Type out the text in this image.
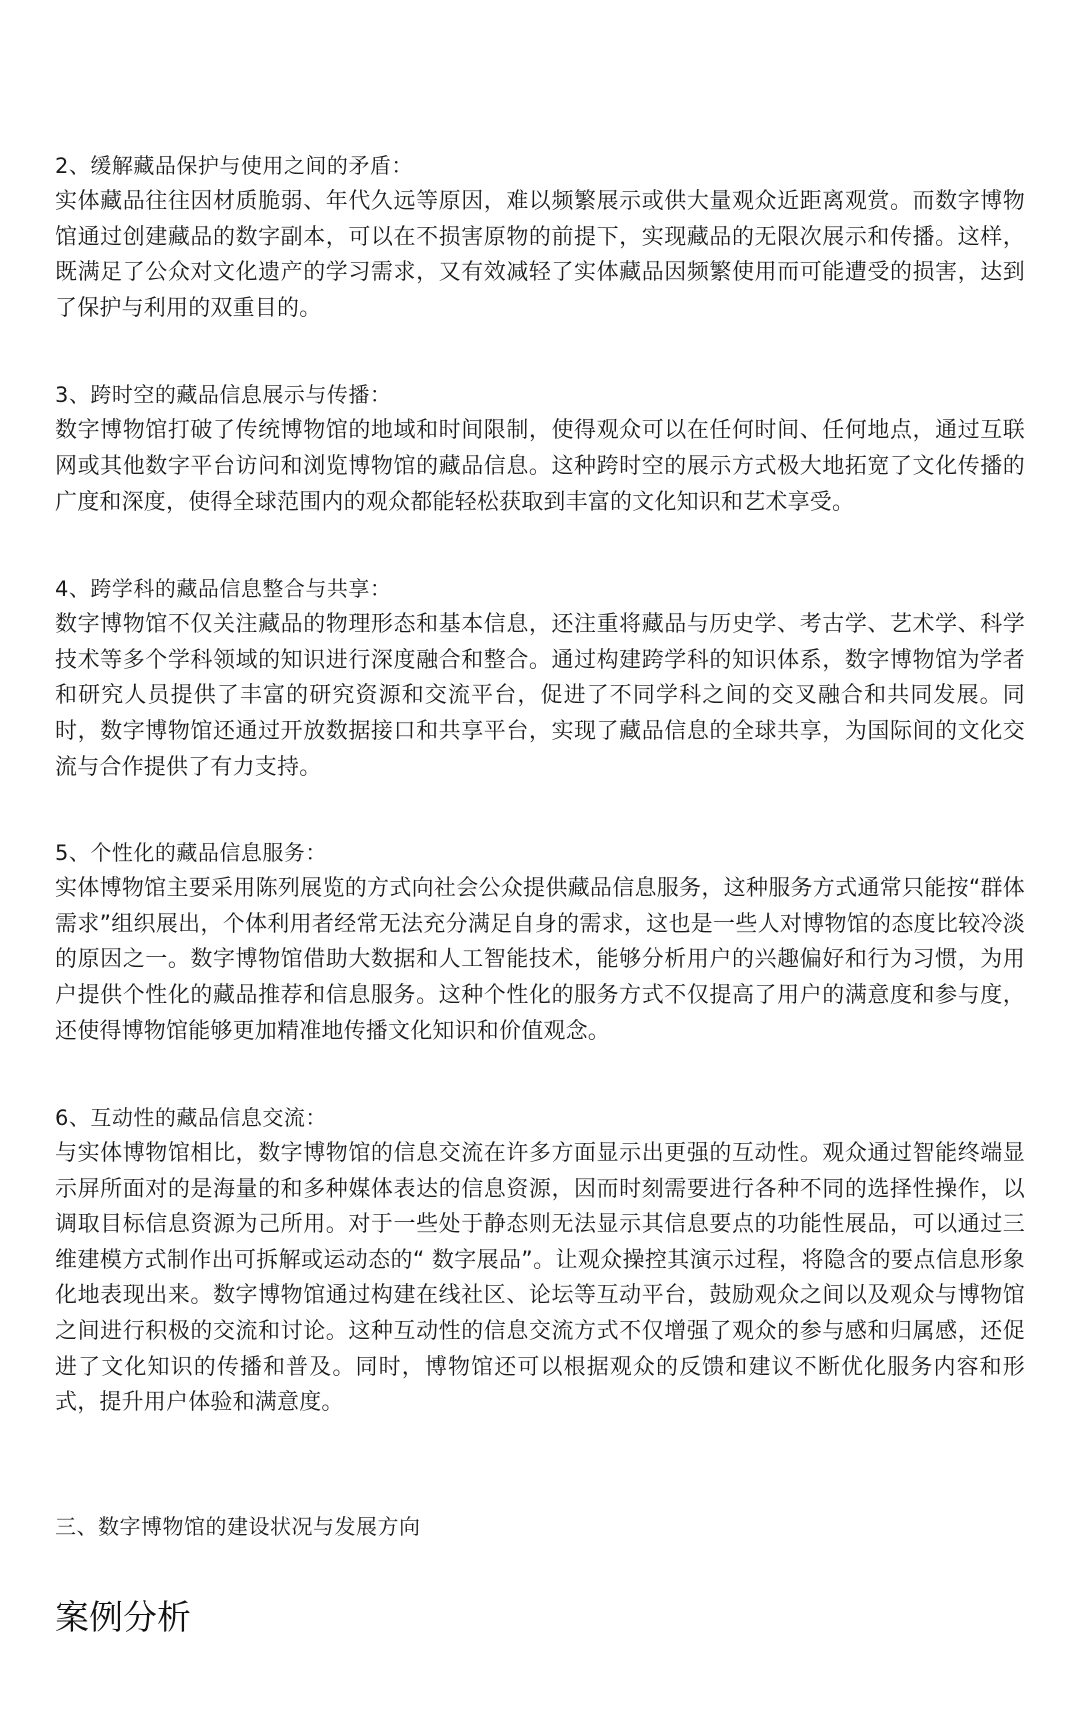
2、缓解藏品保护与使用之间的矛盾：

实体藏品往往因材质脆弱、年代久远等原因，难以频繁展示或供大量观众近距离观赏。而数字博物馆通过创建藏品的数字副本，可以在不损害原物的前提下，实现藏品的无限次展示和传播。这样，既满足了公众对文化遗产的学习需求，又有效减轻了实体藏品因频繁使用而可能遭受的损害，达到了保护与利用的双重目的。

3、跨时空的藏品信息展示与传播：

数字博物馆打破了传统博物馆的地域和时间限制，使得观众可以在任何时间、任何地点，通过互联网或其他数字平台访问和浏览博物馆的藏品信息。这种跨时空的展示方式极大地拓宽了文化传播的广度和深度，使得全球范围内的观众都能轻松获取到丰富的文化知识和艺术享受。

4、跨学科的藏品信息整合与共享：

数字博物馆不仅关注藏品的物理形态和基本信息，还注重将藏品与历史学、考古学、艺术学、科学技术等多个学科领域的知识进行深度融合和整合。通过构建跨学科的知识体系，数字博物馆为学者和研究人员提供了丰富的研究资源和交流平台，促进了不同学科之间的交叉融合和共同发展。同时，数字博物馆还通过开放数据接口和共享平台，实现了藏品信息的全球共享，为国际间的文化交流与合作提供了有力支持。

5、个性化的藏品信息服务：

实体博物馆主要采用陈列展览的方式向社会公众提供藏品信息服务，这种服务方式通常只能按“群体需求”组织展出，个体利用者经常无法充分满足自身的需求，这也是一些人对博物馆的态度比较冷淡的原因之一。数字博物馆借助大数据和人工智能技术，能够分析用户的兴趣偏好和行为习惯，为用户提供个性化的藏品推荐和信息服务。这种个性化的服务方式不仅提高了用户的满意度和参与度，还使得博物馆能够更加精准地传播文化知识和价值观念。

6、互动性的藏品信息交流：

与实体博物馆相比，数字博物馆的信息交流在许多方面显示出更强的互动性。观众通过智能终端显示屏所面对的是海量的和多种媒体表达的信息资源，因而时刻需要进行各种不同的选择性操作，以调取目标信息资源为己所用。对于一些处于静态则无法显示其信息要点的功能性展品，可以通过三维建模方式制作出可拆解或运动态的“ 数字展品”。让观众操控其演示过程，将隐含的要点信息形象化地表现出来。数字博物馆通过构建在线社区、论坛等互动平台，鼓励观众之间以及观众与博物馆之间进行积极的交流和讨论。这种互动性的信息交流方式不仅增强了观众的参与感和归属感，还促进了文化知识的传播和普及。同时，博物馆还可以根据观众的反馈和建议不断优化服务内容和形式，提升用户体验和满意度。

三、数字博物馆的建设状况与发展方向

案例分析
